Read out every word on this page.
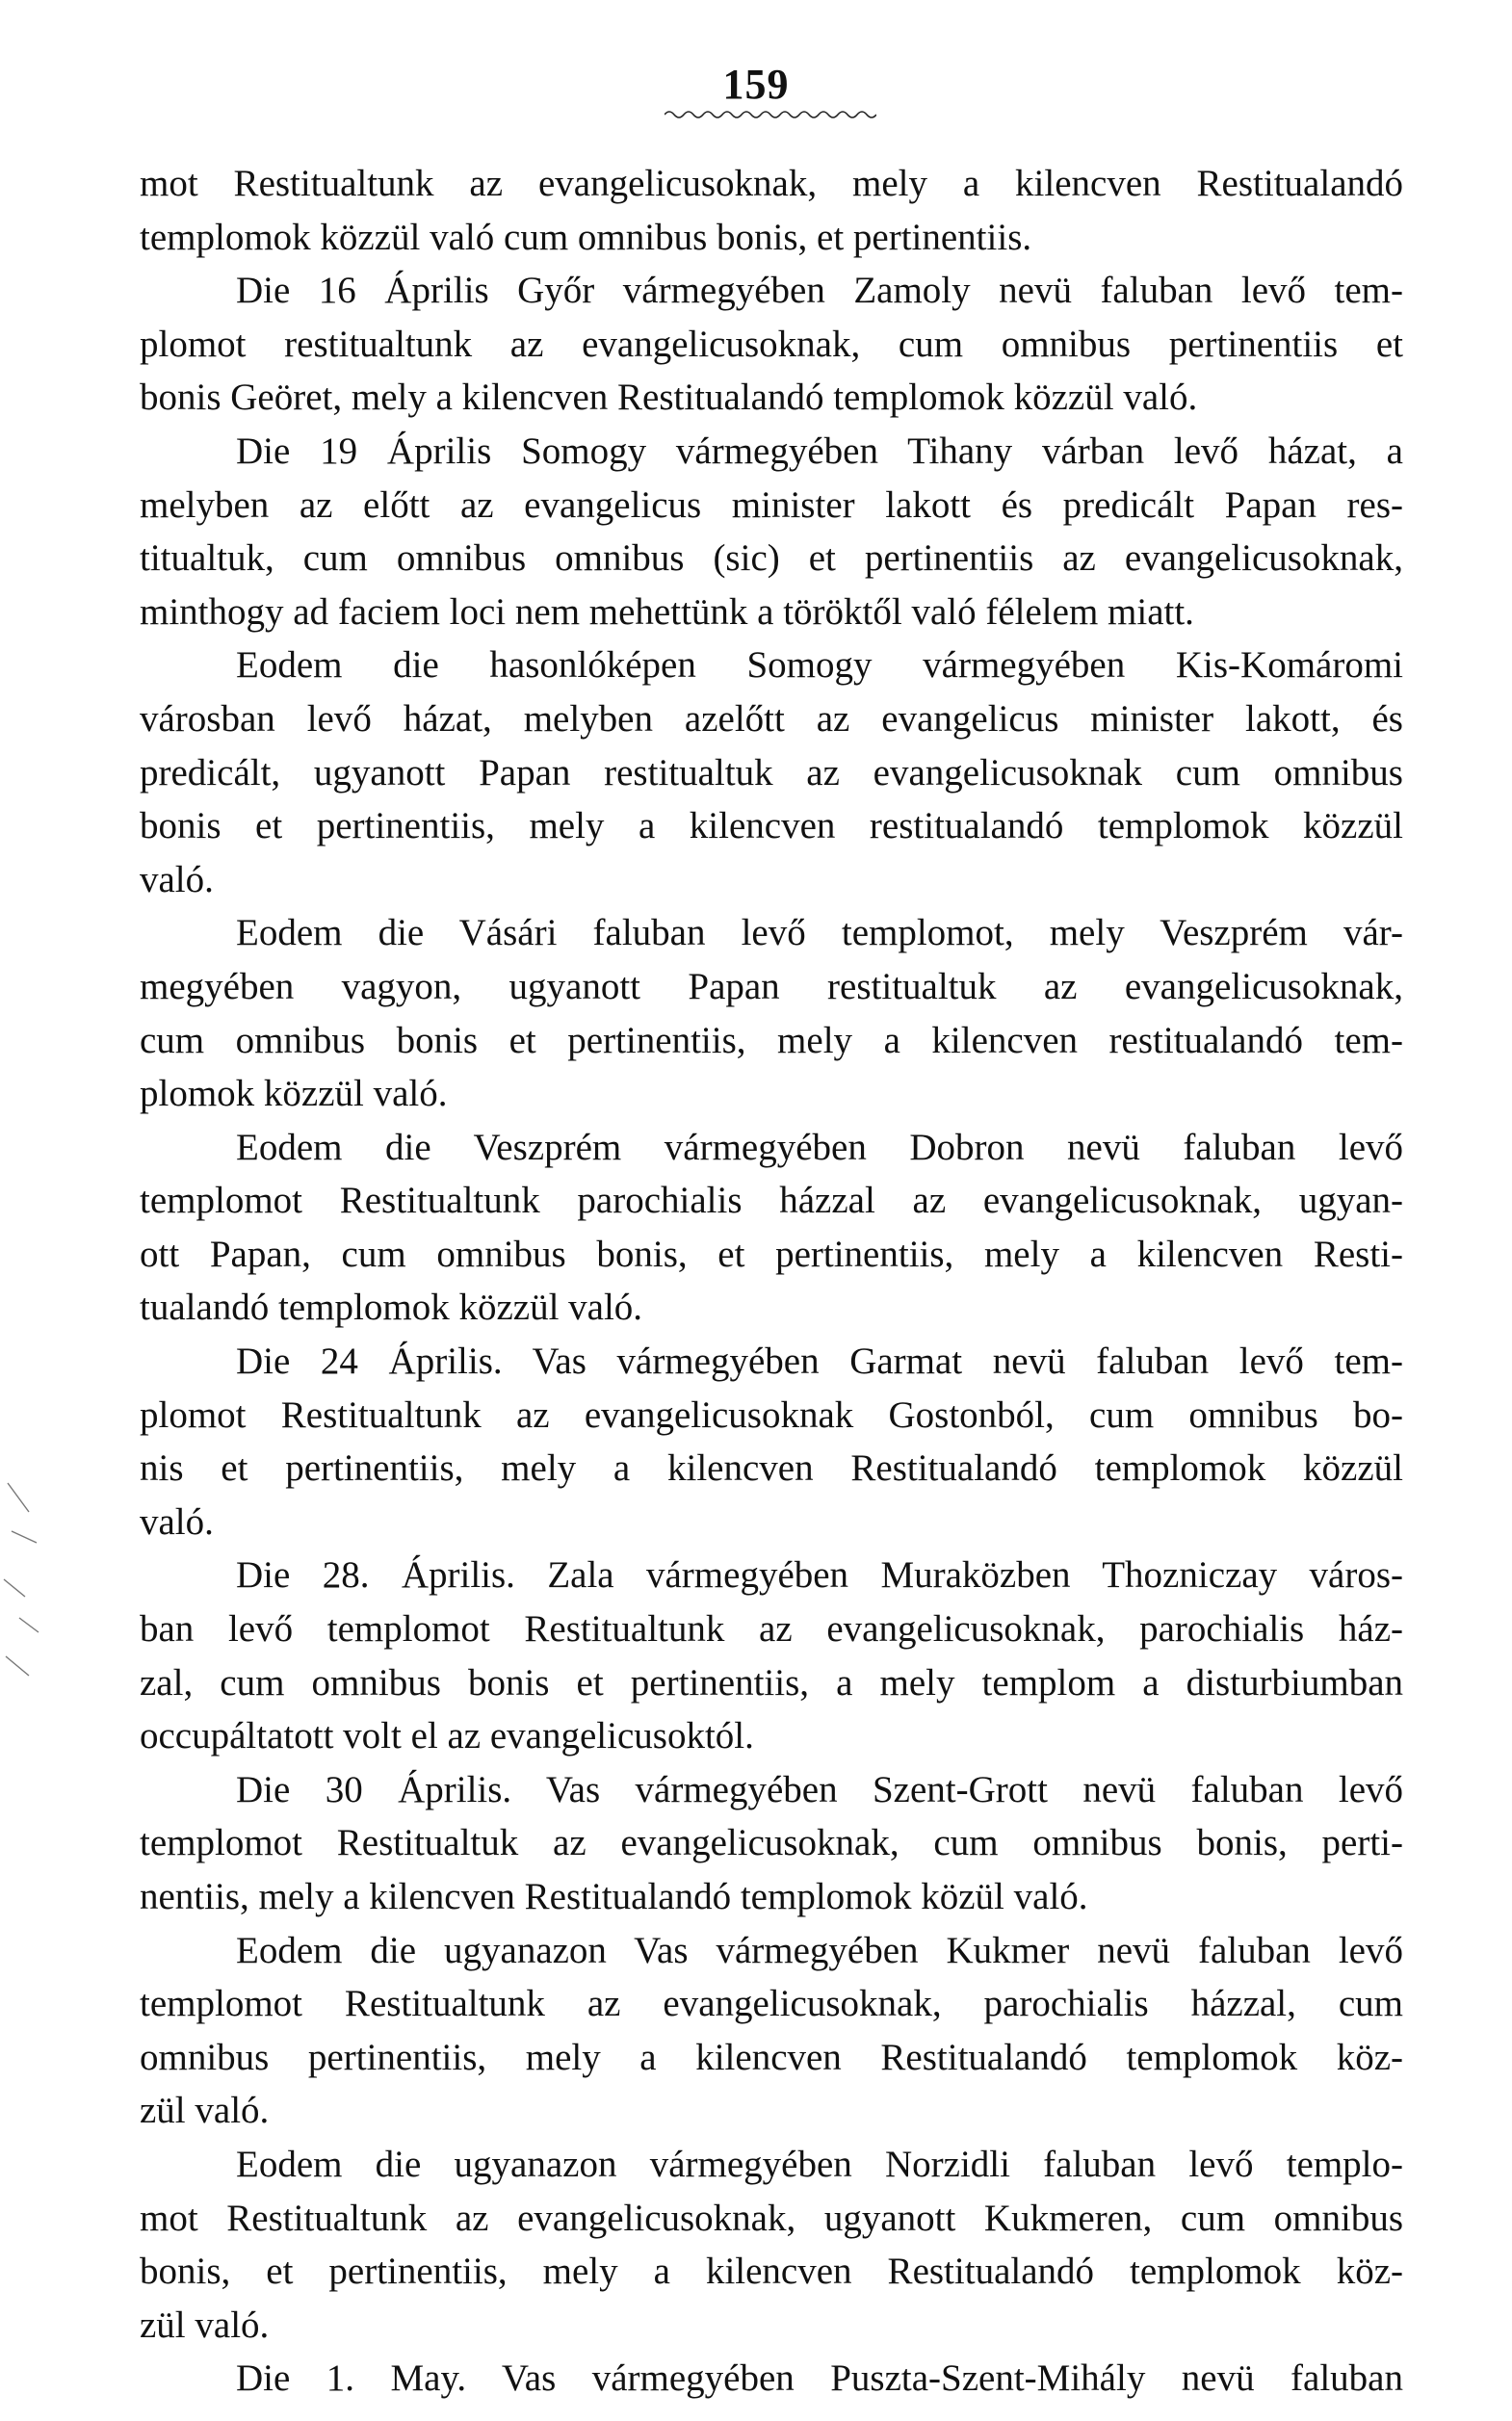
159
mot Restitualtunk az evangelicusoknak, mely a kilencven Restitualandó
templomok közzül való cum omnibus bonis, et pertinentiis.
Die 16 Április Győr vármegyében Zamoly nevü faluban levő tem-
plomot restitualtunk az evangelicusoknak, cum omnibus pertinentiis et
bonis Geöret, mely a kilencven Restitualandó templomok közzül való.
Die 19 Április Somogy vármegyében Tihany várban levő házat, a
melyben az előtt az evangelicus minister lakott és predicált Papan res-
titualtuk, cum omnibus omnibus (sic) et pertinentiis az evangelicusoknak,
minthogy ad faciem loci nem mehettünk a töröktől való félelem miatt.
Eodem die hasonlóképen Somogy vármegyében Kis-Komáromi
városban levő házat, melyben azelőtt az evangelicus minister lakott, és
predicált, ugyanott Papan restitualtuk az evangelicusoknak cum omnibus
bonis et pertinentiis, mely a kilencven restitualandó templomok közzül
való.
Eodem die Vásári faluban levő templomot, mely Veszprém vár-
megyében vagyon, ugyanott Papan restitualtuk az evangelicusoknak,
cum omnibus bonis et pertinentiis, mely a kilencven restitualandó tem-
plomok közzül való.
Eodem die Veszprém vármegyében Dobron nevü faluban levő
templomot Restitualtunk parochialis házzal az evangelicusoknak, ugyan-
ott Papan, cum omnibus bonis, et pertinentiis, mely a kilencven Resti-
tualandó templomok közzül való.
Die 24 Április. Vas vármegyében Garmat nevü faluban levő tem-
plomot Restitualtunk az evangelicusoknak Gostonból, cum omnibus bo-
nis et pertinentiis, mely a kilencven Restitualandó templomok közzül
való.
Die 28. Április. Zala vármegyében Muraközben Thozniczay város-
ban levő templomot Restitualtunk az evangelicusoknak, parochialis ház-
zal, cum omnibus bonis et pertinentiis, a mely templom a disturbiumban
occupáltatott volt el az evangelicusoktól.
Die 30 Április. Vas vármegyében Szent-Grott nevü faluban levő
templomot Restitualtuk az evangelicusoknak, cum omnibus bonis, perti-
nentiis, mely a kilencven Restitualandó templomok közül való.
Eodem die ugyanazon Vas vármegyében Kukmer nevü faluban levő
templomot Restitualtunk az evangelicusoknak, parochialis házzal, cum
omnibus pertinentiis, mely a kilencven Restitualandó templomok köz-
zül való.
Eodem die ugyanazon vármegyében Norzidli faluban levő templo-
mot Restitualtunk az evangelicusoknak, ugyanott Kukmeren, cum omnibus
bonis, et pertinentiis, mely a kilencven Restitualandó templomok köz-
zül való.
Die 1. May. Vas vármegyében Puszta-Szent-Mihály nevü faluban
